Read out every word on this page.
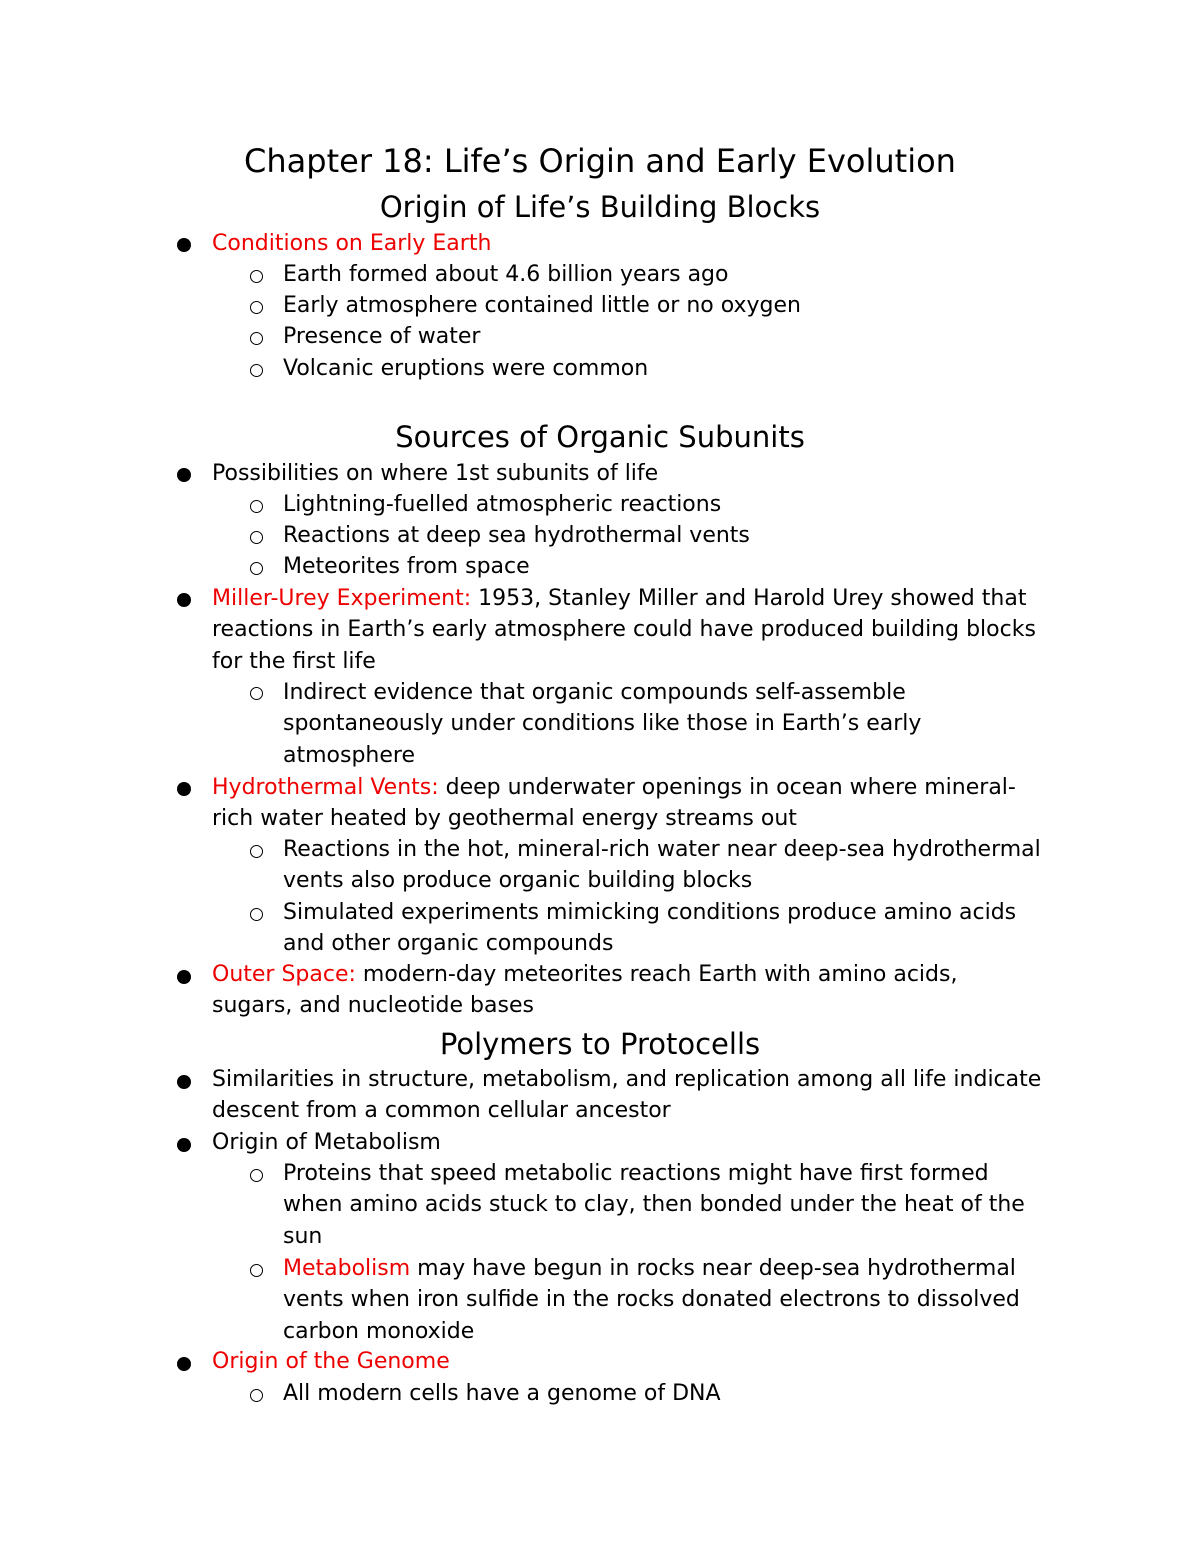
Chapter 18: Life’s Origin and Early Evolution
Origin of Life’s Building Blocks
Conditions on Early Earth
Earth formed about 4.6 billion years ago
Early atmosphere contained little or no oxygen
Presence of water
Volcanic eruptions were common
Sources of Organic Subunits
Possibilities on where 1st subunits of life
Lightning-fuelled atmospheric reactions
Reactions at deep sea hydrothermal vents
Meteorites from space
Miller-Urey Experiment: 1953, Stanley Miller and Harold Urey showed that reactions in Earth’s early atmosphere could have produced building blocks for the first life
Indirect evidence that organic compounds self-assemble spontaneously under conditions like those in Earth’s early atmosphere
Hydrothermal Vents: deep underwater openings in ocean where mineral-rich water heated by geothermal energy streams out
Reactions in the hot, mineral-rich water near deep-sea hydrothermal vents also produce organic building blocks
Simulated experiments mimicking conditions produce amino acids and other organic compounds
Outer Space: modern-day meteorites reach Earth with amino acids, sugars, and nucleotide bases
Polymers to Protocells
Similarities in structure, metabolism, and replication among all life indicate descent from a common cellular ancestor
Origin of Metabolism
Proteins that speed metabolic reactions might have first formed when amino acids stuck to clay, then bonded under the heat of the sun
Metabolism may have begun in rocks near deep-sea hydrothermal vents when iron sulfide in the rocks donated electrons to dissolved carbon monoxide
Origin of the Genome
All modern cells have a genome of DNA
